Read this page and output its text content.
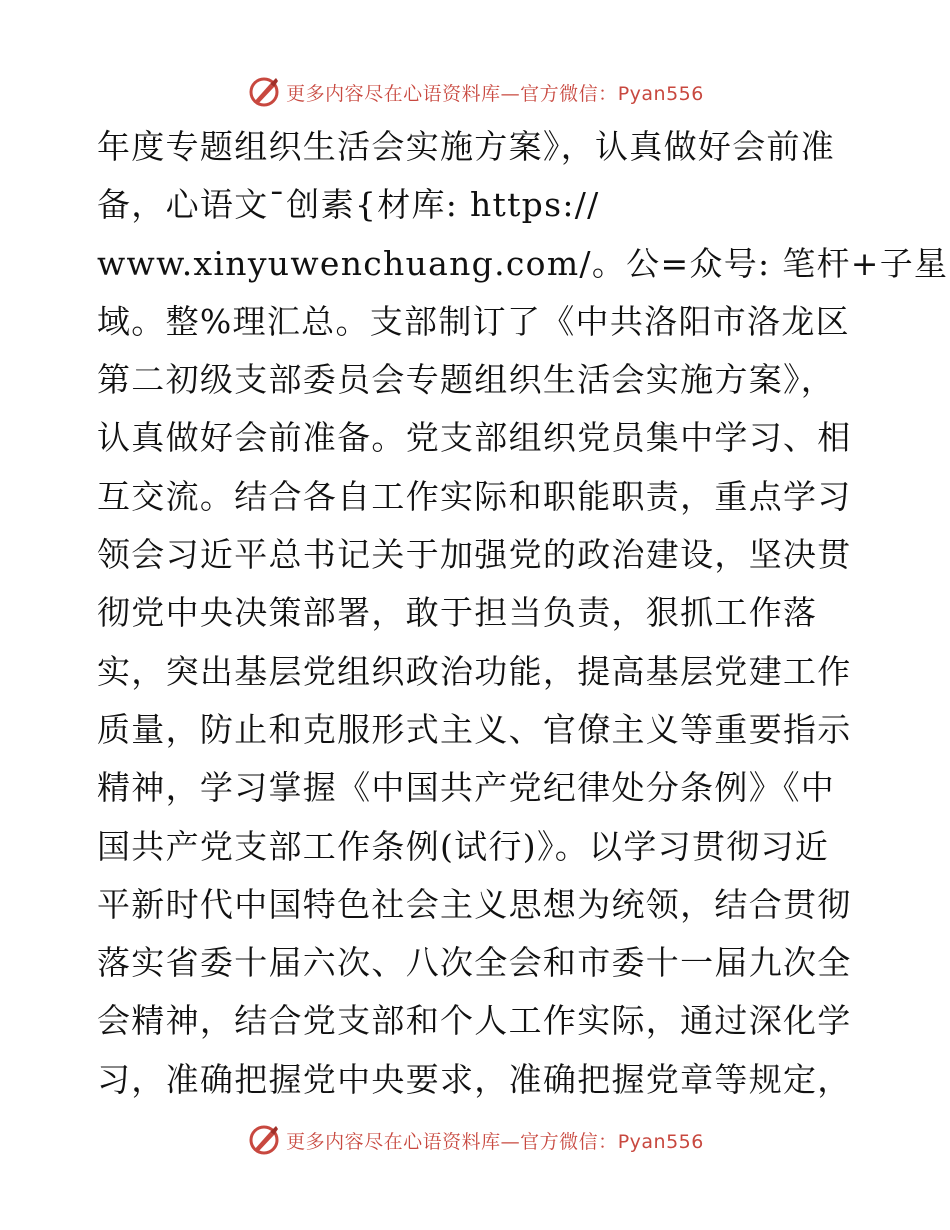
更多内容尽在心语资料库—官方微信：Pyan556
年度专题组织生活会实施方案》，认真做好会前准
备，心语文¯创素{材库: https://
www.xinyuwenchuang.com/。公=众号: 笔杆+子星
域。整%理汇总。支部制订了《中共洛阳市洛龙区
第二初级支部委员会专题组织生活会实施方案》，
认真做好会前准备。党支部组织党员集中学习、相
互交流。结合各自工作实际和职能职责，重点学习
领会习近平总书记关于加强党的政治建设，坚决贯
彻党中央决策部署，敢于担当负责，狠抓工作落
实，突出基层党组织政治功能，提高基层党建工作
质量，防止和克服形式主义、官僚主义等重要指示
精神，学习掌握《中国共产党纪律处分条例》《中
国共产党支部工作条例(试行)》。以学习贯彻习近
平新时代中国特色社会主义思想为统领，结合贯彻
落实省委十届六次、八次全会和市委十一届九次全
会精神，结合党支部和个人工作实际，通过深化学
习，准确把握党中央要求，准确把握党章等规定，
更多内容尽在心语资料库—官方微信：Pyan556
